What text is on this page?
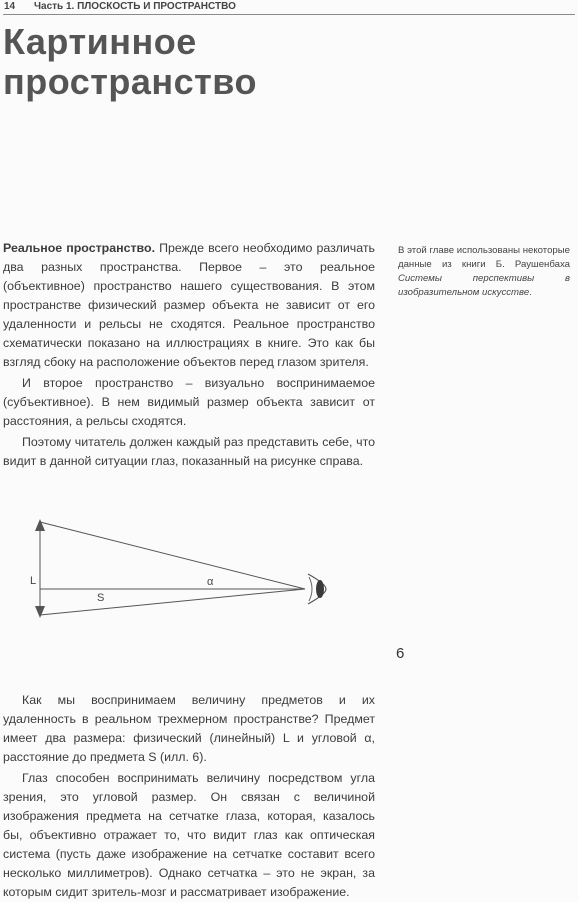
14 Часть 1. ПЛОСКОСТЬ И ПРОСТРАНСТВО
Картинное
пространство

Реальное пространство. Прежде всего необходимо различать два разных пространства. Первое – это реальное (объективное) пространство нашего существования. В этом пространстве физический размер объекта не зависит от его удаленности и рельсы не сходятся. Реальное пространство схематически показано на иллюстрациях в книге. Это как бы взгляд сбоку на расположение объектов перед глазом зрителя.

И второе пространство – визуально воспринимаемое (субъективное). В нем видимый размер объекта зависит от расстояния, а рельсы сходятся.

Поэтому читатель должен каждый раз представить себе, что видит в данной ситуации глаз, показанный на рисунке справа.

В этой главе использованы некоторые данные из книги Б. Раушенбаха Системы перспективы в изобразительном искусстве.
L
S
α
6

Как мы воспринимаем величину предметов и их удаленность в реальном трехмерном пространстве? Предмет имеет два размера: физический (линейный) L и угловой α, расстояние до предмета S (илл. 6).

Глаз способен воспринимать величину посредством угла зрения, это угловой размер. Он связан с величиной изображения предмета на сетчатке глаза, которая, казалось бы, объективно отражает то, что видит глаз как оптическая система (пусть даже изображение на сетчатке составит всего несколько миллиметров). Однако сетчатка – это не экран, за которым сидит зритель-мозг и рассматривает изображение.
